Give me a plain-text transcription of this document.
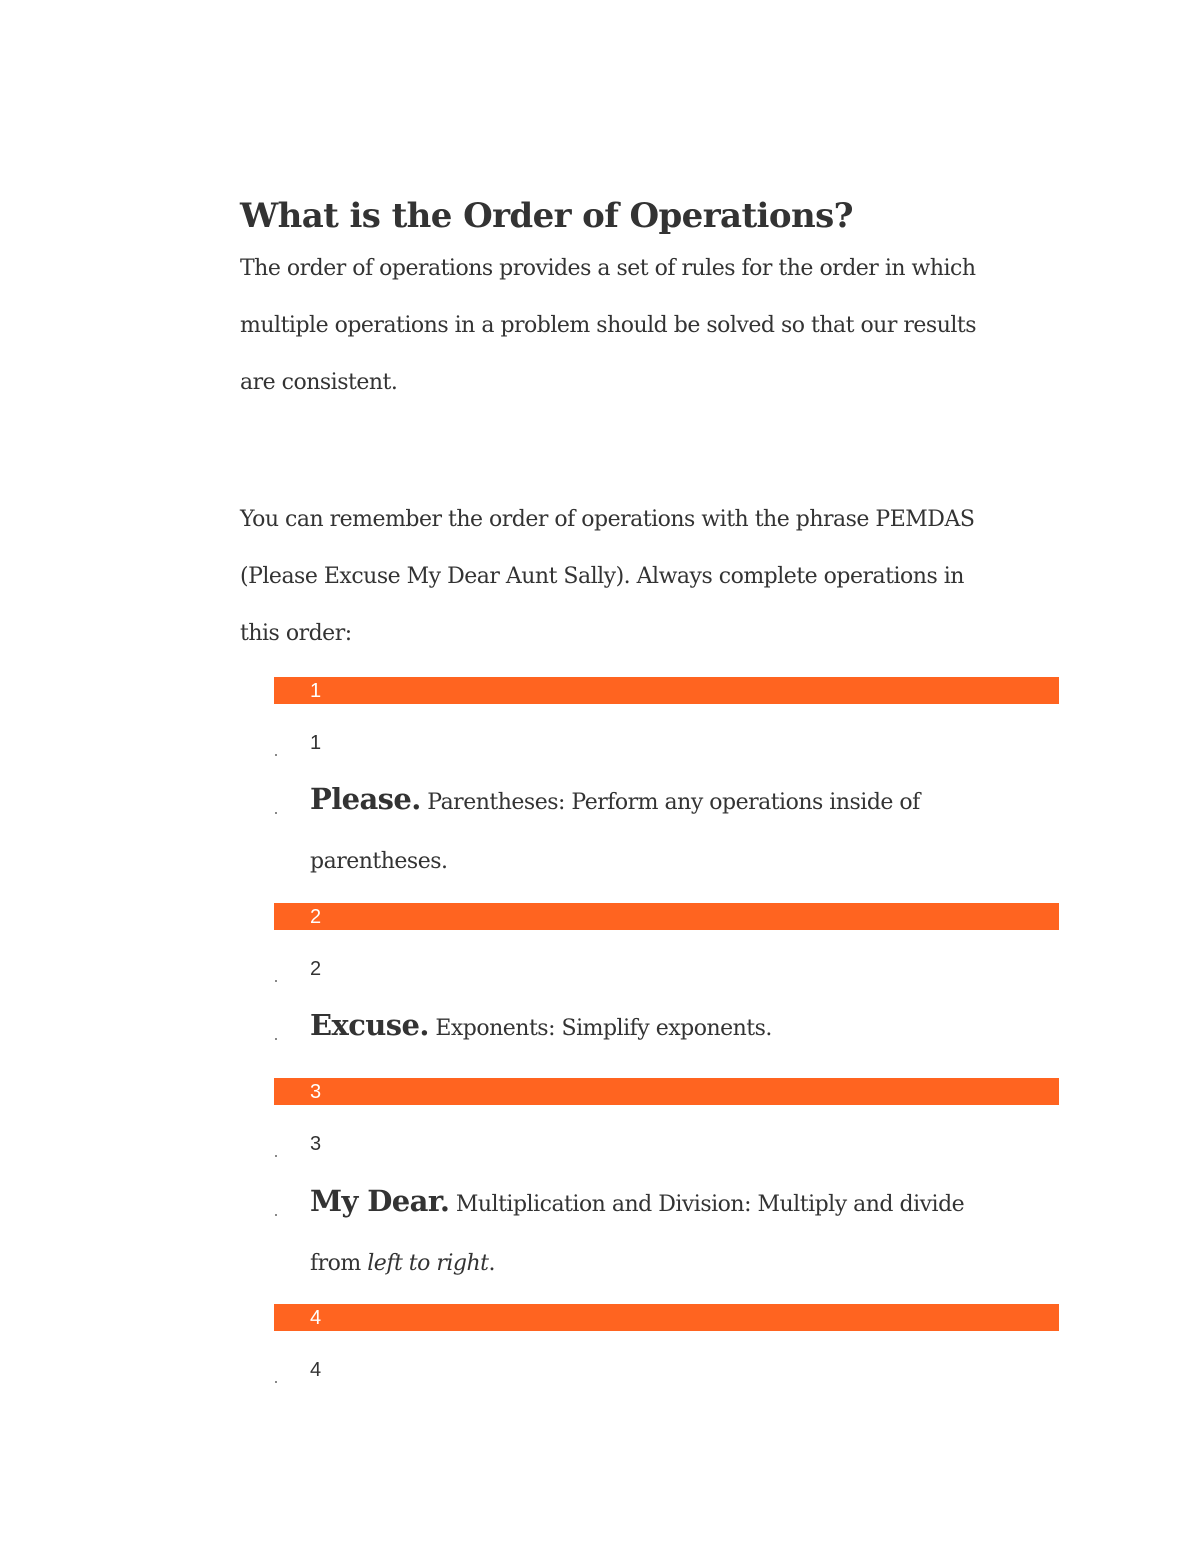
What is the Order of Operations?

The order of operations provides a set of rules for the order in which
multiple operations in a problem should be solved so that our results
are consistent.

You can remember the order of operations with the phrase PEMDAS
(Please Excuse My Dear Aunt Sally). Always complete operations in
this order:

1
1

Please. Parentheses: Perform any operations inside of
parentheses.

2
2

Excuse. Exponents: Simplify exponents.

3
3

My Dear. Multiplication and Division: Multiply and divide
from left to right.

4
4
